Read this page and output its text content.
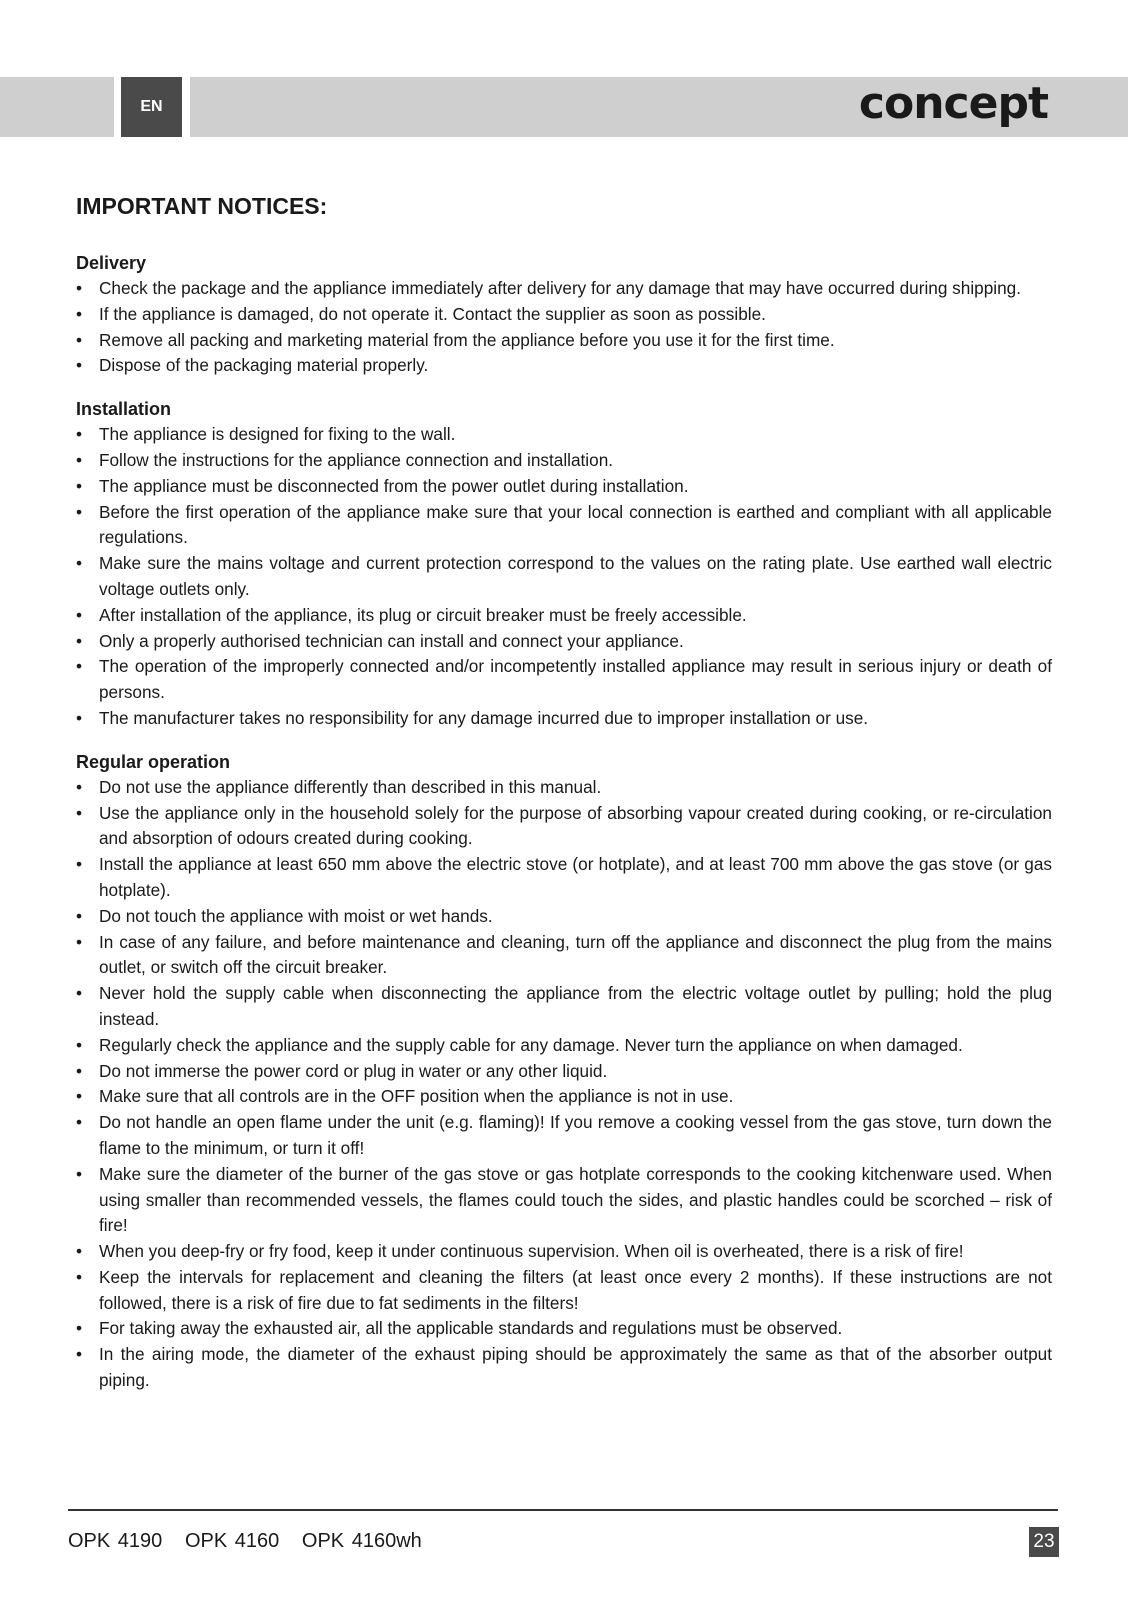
EN	concept
IMPORTANT NOTICES:
Delivery
• Check the package and the appliance immediately after delivery for any damage that may have occurred during shipping.
• If the appliance is damaged, do not operate it. Contact the supplier as soon as possible.
• Remove all packing and marketing material from the appliance before you use it for the first time.
• Dispose of the packaging material properly.
Installation
• The appliance is designed for fixing to the wall.
• Follow the instructions for the appliance connection and installation.
• The appliance must be disconnected from the power outlet during installation.
• Before the first operation of the appliance make sure that your local connection is earthed and compliant with all applicable regulations.
• Make sure the mains voltage and current protection correspond to the values on the rating plate. Use earthed wall electric voltage outlets only.
• After installation of the appliance, its plug or circuit breaker must be freely accessible.
• Only a properly authorised technician can install and connect your appliance.
• The operation of the improperly connected and/or incompetently installed appliance may result in serious injury or death of persons.
• The manufacturer takes no responsibility for any damage incurred due to improper installation or use.
Regular operation
• Do not use the appliance differently than described in this manual.
• Use the appliance only in the household solely for the purpose of absorbing vapour created during cooking, or re-circulation and absorption of odours created during cooking.
• Install the appliance at least 650 mm above the electric stove (or hotplate), and at least 700 mm above the gas stove (or gas hotplate).
• Do not touch the appliance with moist or wet hands.
• In case of any failure, and before maintenance and cleaning, turn off the appliance and disconnect the plug from the mains outlet, or switch off the circuit breaker.
• Never hold the supply cable when disconnecting the appliance from the electric voltage outlet by pulling; hold the plug instead.
• Regularly check the appliance and the supply cable for any damage. Never turn the appliance on when damaged.
• Do not immerse the power cord or plug in water or any other liquid.
• Make sure that all controls are in the OFF position when the appliance is not in use.
• Do not handle an open flame under the unit (e.g. flaming)! If you remove a cooking vessel from the gas stove, turn down the flame to the minimum, or turn it off!
• Make sure the diameter of the burner of the gas stove or gas hotplate corresponds to the cooking kitchenware used. When using smaller than recommended vessels, the flames could touch the sides, and plastic handles could be scorched – risk of fire!
• When you deep-fry or fry food, keep it under continuous supervision. When oil is overheated, there is a risk of fire!
• Keep the intervals for replacement and cleaning the filters (at least once every 2 months). If these instructions are not followed, there is a risk of fire due to fat sediments in the filters!
• For taking away the exhausted air, all the applicable standards and regulations must be observed.
• In the airing mode, the diameter of the exhaust piping should be approximately the same as that of the absorber output piping.
OPK 4190   OPK 4160   OPK 4160wh	23
